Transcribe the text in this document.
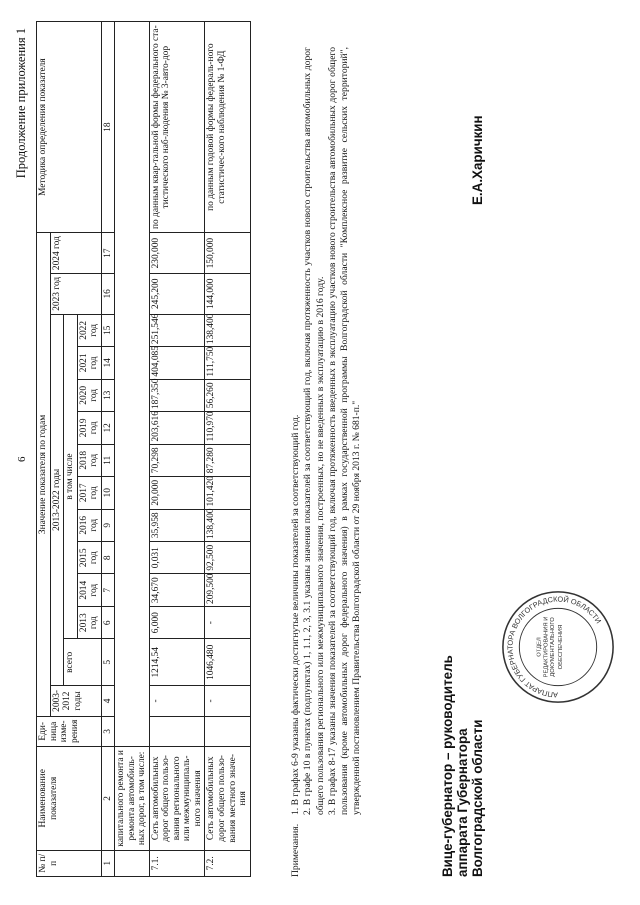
6
Продолжение приложения 1
№ п/п	Наименование показателя	Еди-ница изме-рения	Значение показателя по годам														Методика определения показателя
			2003-2012 годы	2013-2022 годы											2023 год	2024 год	
				всего	в том числе												
					2013 год	2014 год	2015 год	2016 год	2017 год	2018 год	2019 год	2020 год	2021 год	2022 год			
1	2	3	4	5	6	7	8	9	10	11	12	13	14	15	16	17	18
	капитального ремонта и ремонта автомобиль-ных дорог, в том числе:																
7.1.	Сеть автомобильных дорог общего пользо-вания регионального или межмуниципаль-ного значения		-	1214,54	6,000	34,670	0,031	35,958	20,000	70,298	203,616	187,350	404,085	251,546	245,200	230,000	по данным квар-тальной формы федерального ста-тистического наб-людения № 3-авто-дор
7.2.	Сеть автомобильных дорог общего пользо-вания местного значе-ния		-	1046,480	-	209,500	92,500	138,400	101,420	87,280	110,970	56,260	111,750	138,400	144,000	150,000	по данным годовой формы федераль-ного статистичес-кого наблюдения № 1-ФД
Примечания.
1. В графах 6-9 указаны фактически достигнутые величины показателей за соответствующий год. 2. В графе 10 в пунктах (подпунктах) 1, 1.1, 2, 3, 3.1 указаны значения показателей за соответствующий год, включая протяженность участков нового строительства автомобильных дорог общего пользования регионального или межмуниципального значения, построенных, но не введенных в эксплуатацию в 2016 году. 3. В графах 8-17 указаны значения показателей за соответствующий год, включая протяженность введенных в эксплуатацию участков нового строительства автомобильных дорог общего пользования (кроме автомобильных дорог федерального значения) в рамках государственной программы Волгоградской области "Комплексное развитие сельских территорий", утвержденной постановлением Правительства Волгоградской области от 29 ноября 2013 г. № 681-п."	Вице-губернатор – руководитель аппарата Губернатора Волгоградской области
Е.А.Харичкин
АППАРАТ ГУБЕРНАТОРА ВОЛГОГРАДСКОЙ ОБЛАСТИ
ОТДЕЛ РЕДАКТИРОВАНИЯ И ДОКУМЕНТАЛЬНОГО ОБЕСПЕЧЕНИЯ
